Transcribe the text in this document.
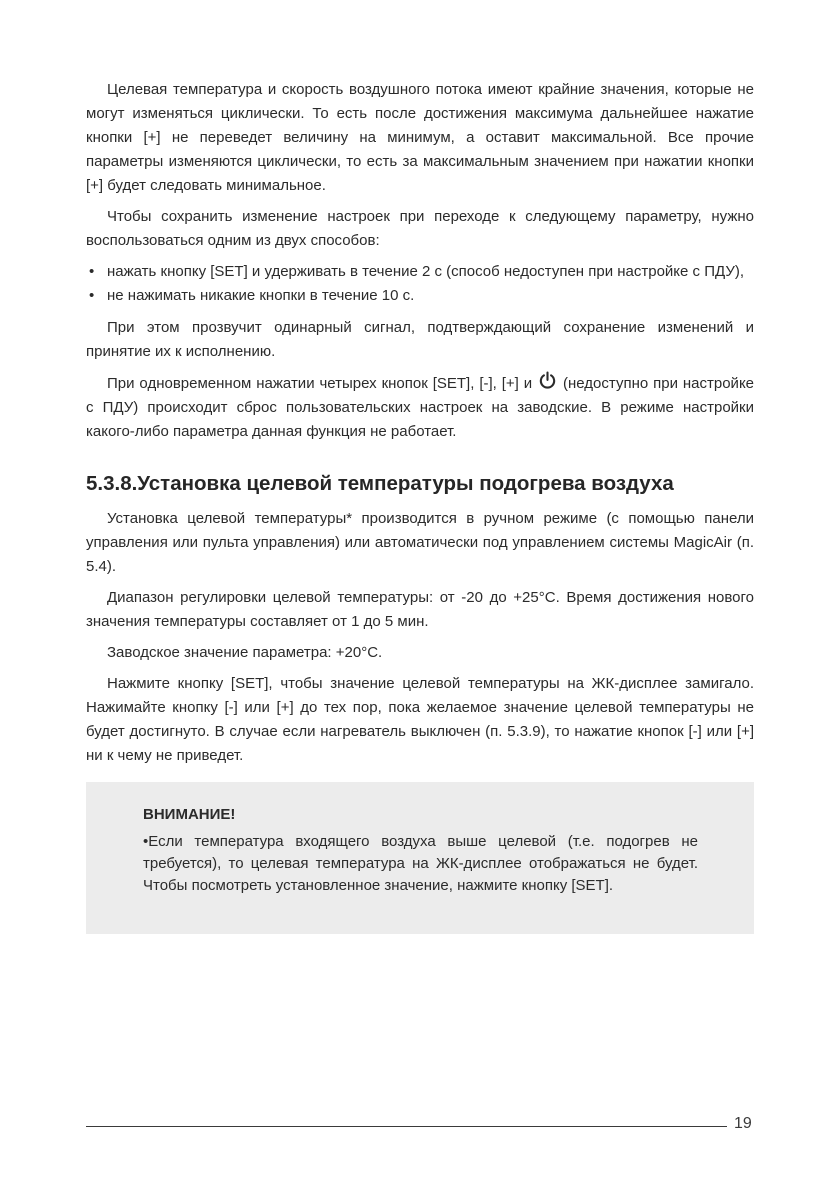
Целевая температура и скорость воздушного потока имеют крайние значения, которые не могут изменяться циклически. То есть после достижения максимума дальнейшее нажатие кнопки [+] не переведет величину на минимум, а оставит максимальной. Все прочие параметры изменяются циклически, то есть за максимальным значением при нажатии кнопки [+] будет следовать минимальное.

Чтобы сохранить изменение настроек при переходе к следующему параметру, нужно воспользоваться одним из двух способов:

• нажать кнопку [SET] и удерживать в течение 2 с (способ недоступен при настройке с ПДУ),
• не нажимать никакие кнопки в течение 10 с.

При этом прозвучит одинарный сигнал, подтверждающий сохранение изменений и принятие их к исполнению.

При одновременном нажатии четырех кнопок [SET], [-], [+] и (недоступно при настройке с ПДУ) происходит сброс пользовательских настроек на заводские. В режиме настройки какого-либо параметра данная функция не работает.

5.3.8.Установка целевой температуры подогрева воздуха

Установка целевой температуры* производится в ручном режиме (с помощью панели управления или пульта управления) или автоматически под управлением системы MagicAir (п. 5.4).

Диапазон регулировки целевой температуры: от -20 до +25°C. Время достижения нового значения температуры составляет от 1 до 5 мин.

Заводское значение параметра: +20°C.

Нажмите кнопку [SET], чтобы значение целевой температуры на ЖК-дисплее замигало. Нажимайте кнопку [-] или [+] до тех пор, пока желаемое значение целевой температуры не будет достигнуто. В случае если нагреватель выключен (п. 5.3.9), то нажатие кнопок [-] или [+] ни к чему не приведет.

ВНИМАНИЕ!

•Если температура входящего воздуха выше целевой (т.е. подогрев не требуется), то целевая температура на ЖК-дисплее отображаться не будет. Чтобы посмотреть установленное значение, нажмите кнопку [SET].

19
